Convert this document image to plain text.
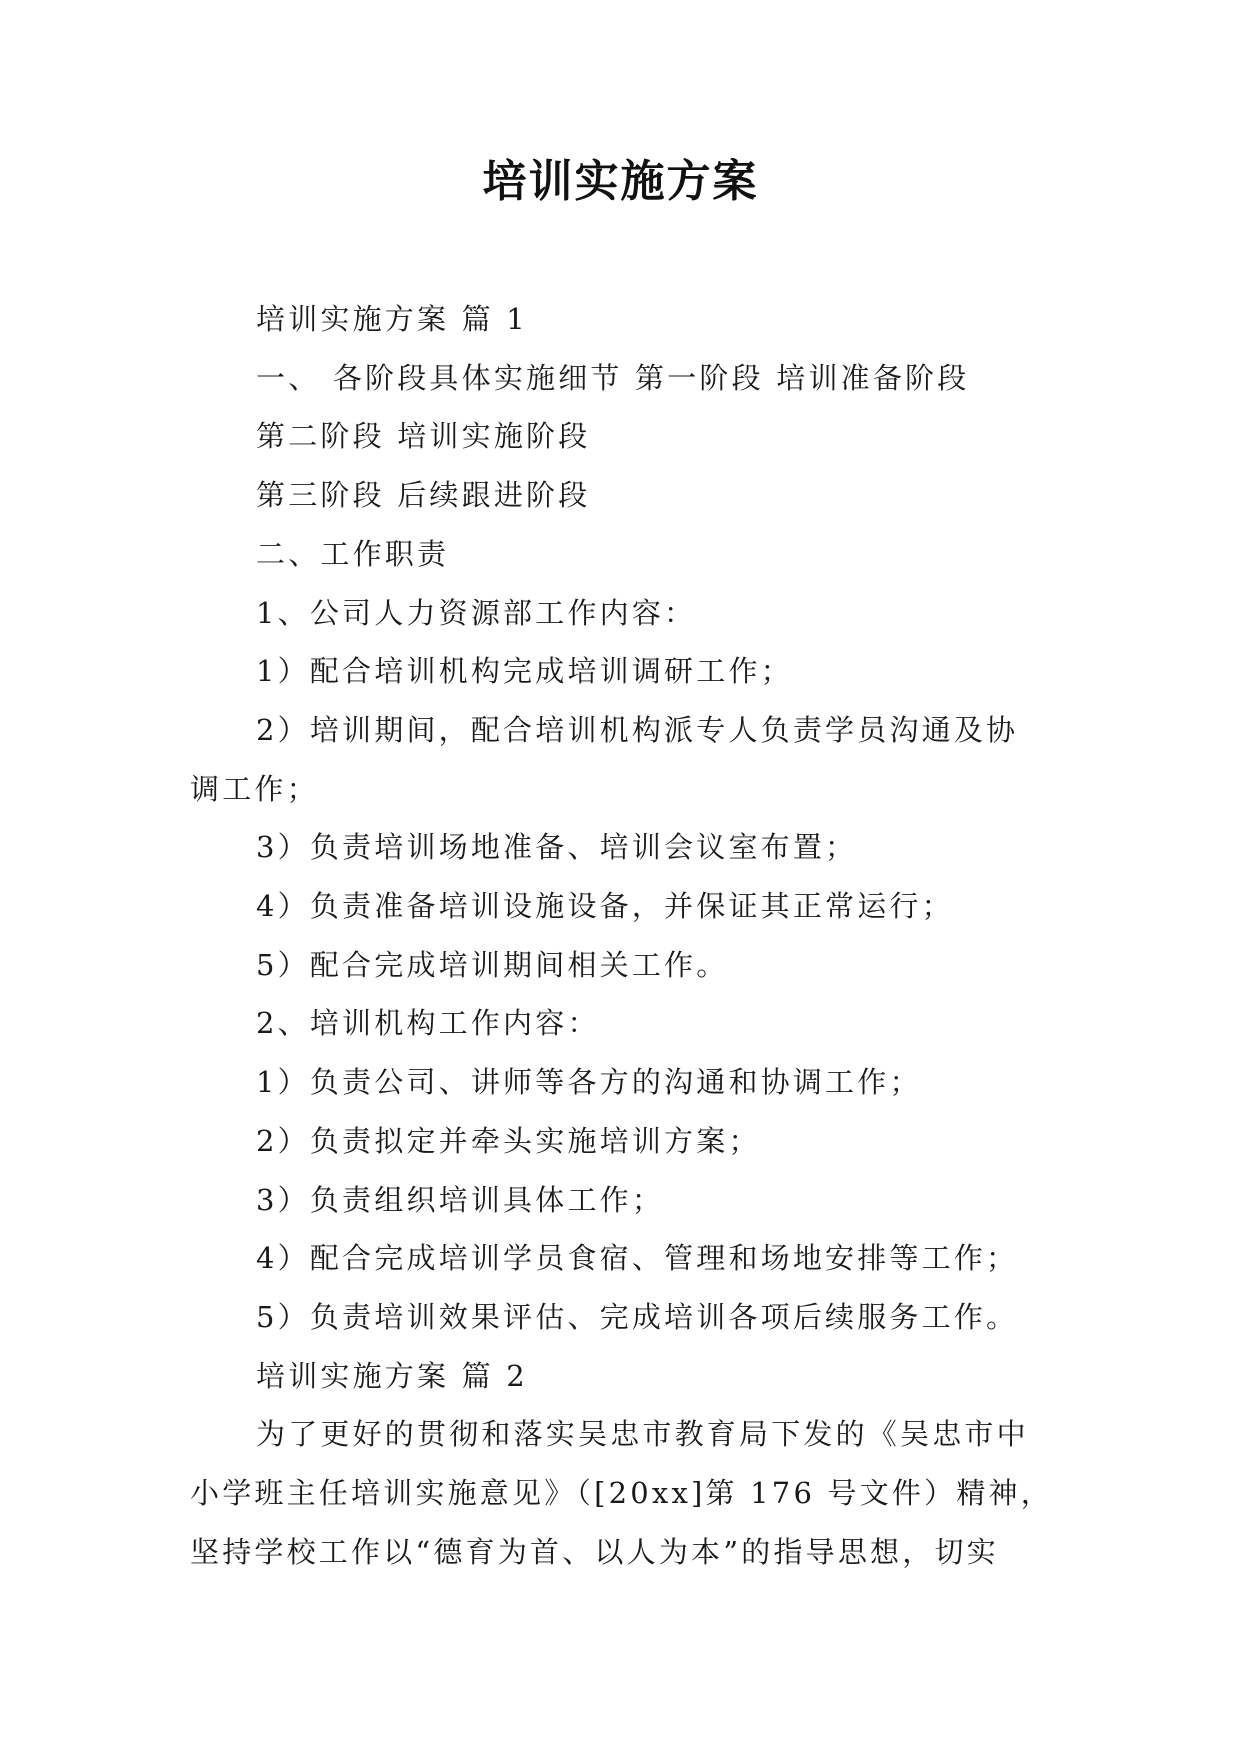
培训实施方案

培训实施方案 篇 1

一、 各阶段具体实施细节 第一阶段 培训准备阶段

第二阶段 培训实施阶段

第三阶段 后续跟进阶段

二、工作职责

1、公司人力资源部工作内容：

1）配合培训机构完成培训调研工作；

2）培训期间，配合培训机构派专人负责学员沟通及协

调工作；

3）负责培训场地准备、培训会议室布置；

4）负责准备培训设施设备，并保证其正常运行；

5）配合完成培训期间相关工作。

2、培训机构工作内容：

1）负责公司、讲师等各方的沟通和协调工作；

2）负责拟定并牵头实施培训方案；

3）负责组织培训具体工作；

4）配合完成培训学员食宿、管理和场地安排等工作；

5）负责培训效果评估、完成培训各项后续服务工作。

培训实施方案 篇 2

为了更好的贯彻和落实吴忠市教育局下发的《吴忠市中

小学班主任培训实施意见》（[20xx]第 176 号文件）精神，

坚持学校工作以“德育为首、以人为本”的指导思想，切实
